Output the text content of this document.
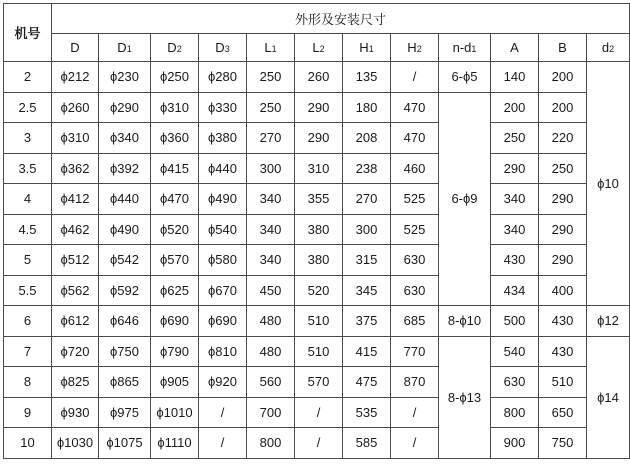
机号	外形及安装尺寸											
	D	D1	D2	D3	L1	L2	H1	H2	n-d1	A	B	d2
2	ϕ212	ϕ230	ϕ250	ϕ280	250	260	135	/	6-ϕ5	140	200	ϕ10
2.5	ϕ260	ϕ290	ϕ310	ϕ330	250	290	180	470	6-ϕ9	200	200	
3	ϕ310	ϕ340	ϕ360	ϕ380	270	290	208	470		250	220	
3.5	ϕ362	ϕ392	ϕ415	ϕ440	300	310	238	460		290	250	
4	ϕ412	ϕ440	ϕ470	ϕ490	340	355	270	525		340	290	
4.5	ϕ462	ϕ490	ϕ520	ϕ540	340	380	300	525		340	290	
5	ϕ512	ϕ542	ϕ570	ϕ580	340	380	315	630		430	290	
5.5	ϕ562	ϕ592	ϕ625	ϕ670	450	520	345	630		434	400	
6	ϕ612	ϕ646	ϕ690	ϕ690	480	510	375	685	8-ϕ10	500	430	ϕ12
7	ϕ720	ϕ750	ϕ790	ϕ810	480	510	415	770	8-ϕ13	540	430	ϕ14
8	ϕ825	ϕ865	ϕ905	ϕ920	560	570	475	870		630	510	
9	ϕ930	ϕ975	ϕ1010	/	700	/	535	/		800	650	
10	ϕ1030	ϕ1075	ϕ1110	/	800	/	585	/		900	750	
